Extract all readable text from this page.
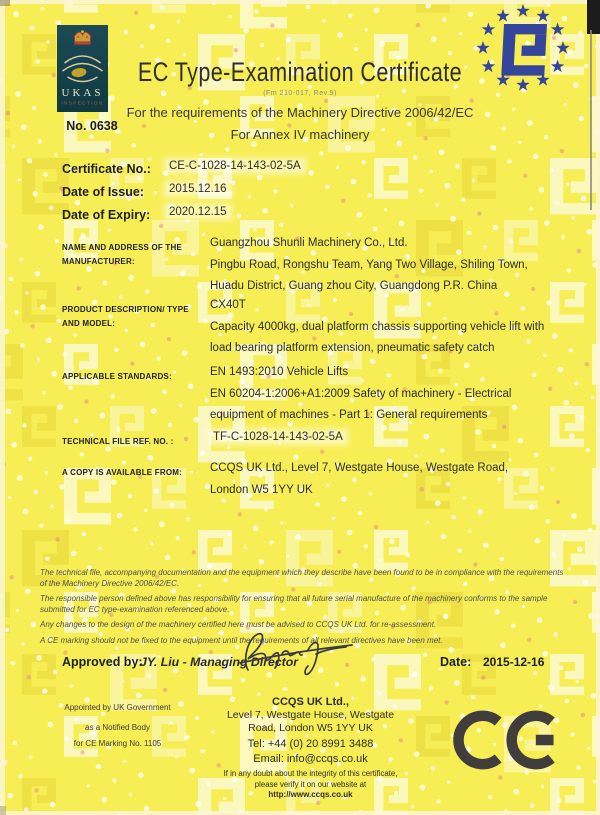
UKAS
INSPECTION
No. 0638
EC Type-Examination Certificate
(Fm 210-017, Rev.9)
For the requirements of the Machinery Directive 2006/42/EC
For Annex IV machinery
Certificate No.: CE-C-1028-14-143-02-5A
Date of Issue: 2015.12.16
Date of Expiry: 2020.12.15
NAME AND ADDRESS OF THE
MANUFACTURER:
Guangzhou Shunli Machinery Co., Ltd.
Pingbu Road, Rongshu Team, Yang Two Village, Shiling Town,
Huadu District, Guang zhou City, Guangdong P.R. China
PRODUCT DESCRIPTION/ TYPE
AND MODEL:
CX40T
Capacity 4000kg, dual platform chassis supporting vehicle lift with
load bearing platform extension, pneumatic safety catch
APPLICABLE STANDARDS:	EN 1493:2010 Vehicle Lifts
EN 60204-1:2006+A1:2009 Safety of machinery - Electrical
equipment of machines - Part 1: General requirements
TECHNICAL FILE REF. NO. :	TF-C-1028-14-143-02-5A
A COPY IS AVAILABLE FROM:	CCQS UK Ltd., Level 7, Westgate House, Westgate Road,
London W5 1YY UK

The technical file, accompanying documentation and the equipment which they describe have been found to be in compliance with the requirements of the Machinery Directive 2006/42/EC.

The responsible person defined above has responsibility for ensuring that all future serial manufacture of the machinery conforms to the sample submitted for EC type-examination referenced above.

Any changes to the design of the machinery certified here must be advised to CCQS UK Ltd. for re-assessment.

A CE marking should not be fixed to the equipment until the requirements of all relevant directives have been met.

Approved by:
JY. Liu - Managing Director	Date: 2015-12-16

Appointed by UK Government

as a Notified Body

for CE Marking No. 1105

CCQS UK Ltd.,
Level 7, Westgate House, Westgate
Road, London W5 1YY UK
Tel: +44 (0) 20 8991 3488
Email: info@ccqs.co.uk
If in any doubt about the integrity of this certificate,
please verify it on our website at
http://www.ccqs.co.uk
